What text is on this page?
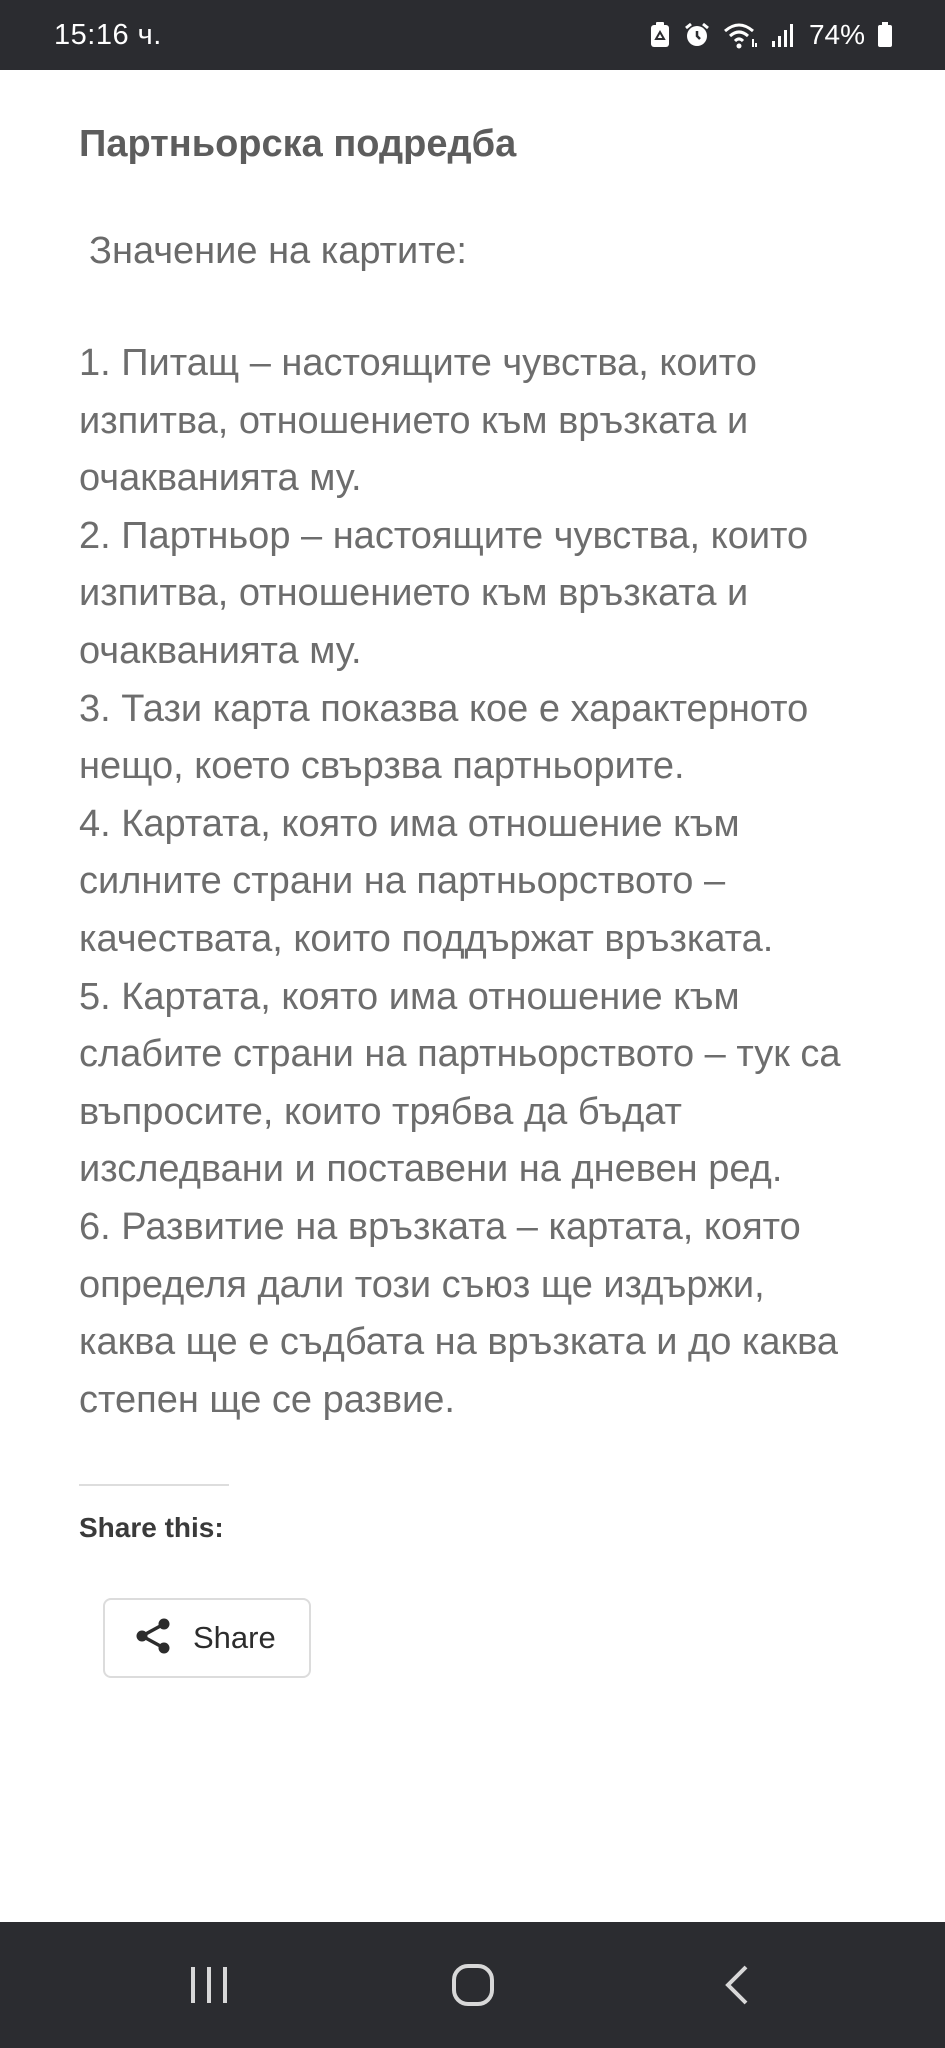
15:16 ч.	74%
Партньорска подредба

Значение на картите:

1. Питащ – настоящите чувства, които изпитва, отношението към връзката и очакванията му.
2. Партньор – настоящите чувства, които изпитва, отношението към връзката и очакванията му.
3. Тази карта показва кое е характерното нещо, което свързва партньорите.
4. Картата, която има отношение към силните страни на партньорството – качествата, които поддържат връзката.
5. Картата, която има отношение към слабите страни на партньорството – тук са въпросите, които трябва да бъдат изследвани и поставени на дневен ред.
6. Развитие на връзката – картата, която определя дали този съюз ще издържи, каква ще е съдбата на връзката и до каква степен ще се развие.
Share this:
Share
